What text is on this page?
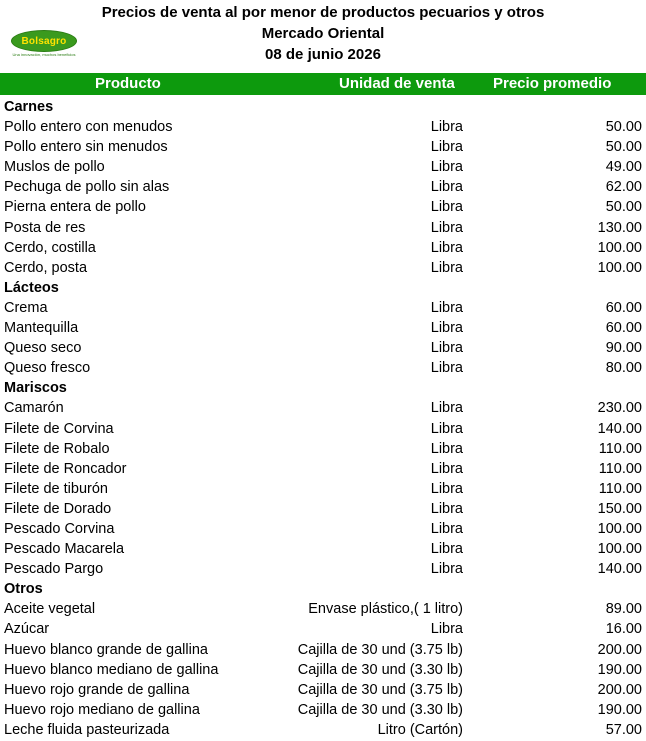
Precios de venta al por menor de productos pecuarios y otros
Mercado Oriental
08 de junio 2026
Bolsagro
Una innovación, muchos beneficios
Producto	Unidad de venta	Precio promedio
Carnes
Pollo entero con menudos	Libra	50.00
Pollo entero sin menudos	Libra	50.00
Muslos de pollo	Libra	49.00
Pechuga de pollo sin alas	Libra	62.00
Pierna entera de pollo	Libra	50.00
Posta de res	Libra	130.00
Cerdo, costilla	Libra	100.00
Cerdo, posta	Libra	100.00
Lácteos
Crema	Libra	60.00
Mantequilla	Libra	60.00
Queso seco	Libra	90.00
Queso fresco	Libra	80.00
Mariscos
Camarón	Libra	230.00
Filete de Corvina	Libra	140.00
Filete de Robalo	Libra	110.00
Filete de Roncador	Libra	110.00
Filete de tiburón	Libra	110.00
Filete de Dorado	Libra	150.00
Pescado Corvina	Libra	100.00
Pescado Macarela	Libra	100.00
Pescado Pargo	Libra	140.00
Otros
Aceite vegetal	Envase plástico,( 1 litro)	89.00
Azúcar	Libra	16.00
Huevo blanco grande de gallina	Cajilla de 30 und (3.75 lb)	200.00
Huevo blanco mediano de gallina	Cajilla de 30 und (3.30 lb)	190.00
Huevo rojo grande de gallina	Cajilla de 30 und (3.75 lb)	200.00
Huevo rojo mediano de gallina	Cajilla de 30 und (3.30 lb)	190.00
Leche fluida pasteurizada	Litro (Cartón)	57.00
